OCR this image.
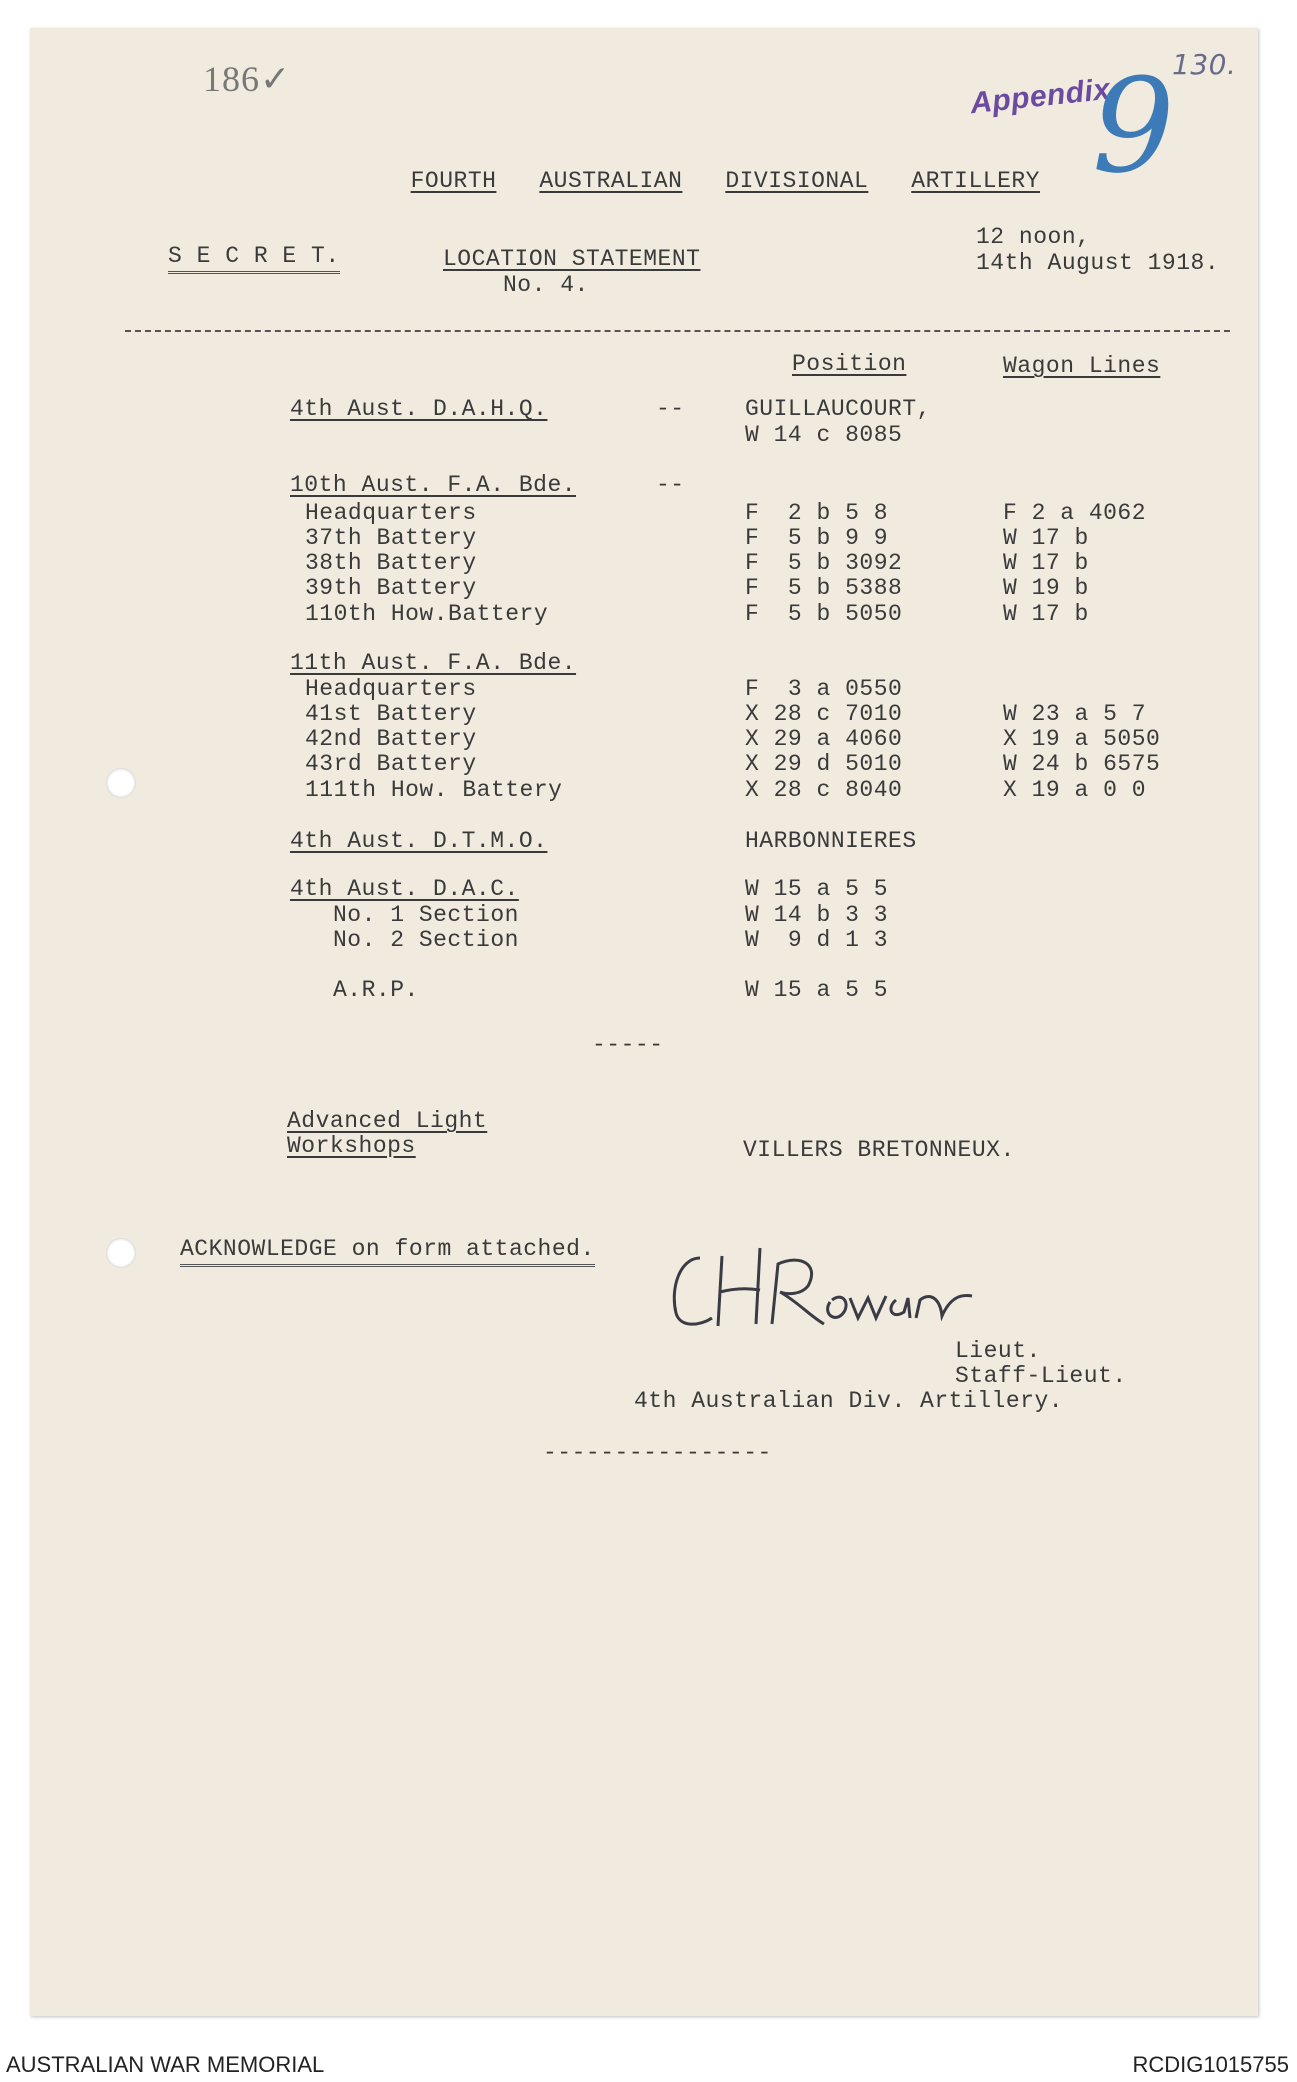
186✓	130.
Appendix
9

FOURTH AUSTRALIAN DIVISIONAL ARTILLERY

S E C R E T.	LOCATION STATEMENT
No. 4.
12 noon,
14th August 1918.
Position	Wagon Lines
4th Aust. D.A.H.Q.	--	GUILLAUCOURT,
W 14 c 8085
10th Aust. F.A. Bde.	--
Headquarters	F  2 b 5 8	F 2 a 4062
37th Battery	F  5 b 9 9	W 17 b
38th Battery	F  5 b 3092	W 17 b
39th Battery	F  5 b 5388	W 19 b
110th How.Battery	F  5 b 5050	W 17 b
11th Aust. F.A. Bde.
Headquarters	F  3 a 0550
41st Battery	X 28 c 7010	W 23 a 5 7
42nd Battery	X 29 a 4060	X 19 a 5050
43rd Battery	X 29 d 5010	W 24 b 6575
111th How. Battery	X 28 c 8040	X 19 a 0 0
4th Aust. D.T.M.O.	HARBONNIERES
4th Aust. D.A.C.	W 15 a 5 5
No. 1 Section	W 14 b 3 3
No. 2 Section	W  9 d 1 3
A.R.P.	W 15 a 5 5
-----
Advanced Light
Workshops	VILLERS BRETONNEUX.
ACKNOWLEDGE on form attached.
Lieut.
Staff-Lieut.
4th Australian Div. Artillery.
----------------
AUSTRALIAN WAR MEMORIAL	RCDIG1015755
